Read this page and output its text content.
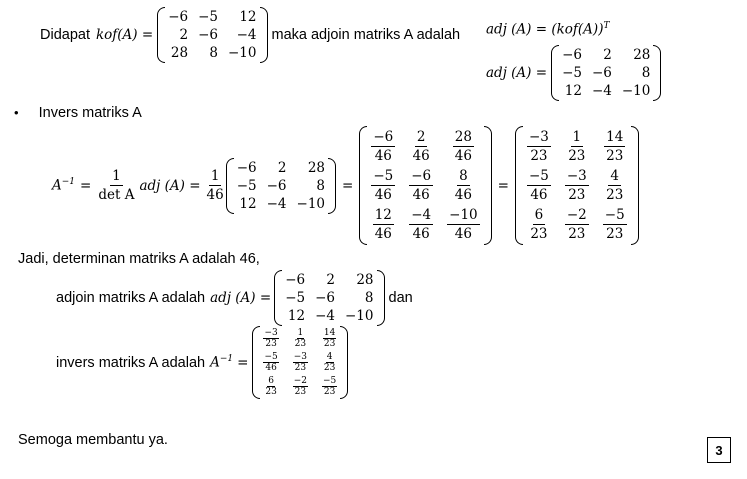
Didapat kof(A) =
−6 −5	12
2 −6	−4
28	8 −10
maka adjoin matriks A adalah adj $(A) = (kof(A))^T$
adj (A) =
−6	2	28
−5 −6	8
12 −4 −10
• Invers matriks A
$A^{-1} = \frac{1}{\text{det A}}$ adj $(A) = \frac{1}{46}$
−6	2	28
−5 −6	8
12 −4 −10
=
$\frac{-6}{46} \frac{2}{46} \frac{28}{46}$
$\frac{-5}{46} \frac{-6}{46} \frac{8}{46}$
$\frac{12}{46} \frac{-4}{46} \frac{-10}{46}$
=
$\frac{-3}{23} \frac{1}{23} \frac{14}{23}$
$\frac{-5}{46} \frac{-3}{23} \frac{4}{23}$
$\frac{6}{23} \frac{-2}{23} \frac{-5}{23}$
Jadi, determinan matriks A adalah 46,
adjoin matriks A adalah adj (A) =
−6	2	28
−5 −6	8
12 −4 −10
dan
invers matriks A adalah $A^{-1}$ =
$\frac{-3}{23} \frac{1}{23} \frac{14}{23}$
$\frac{-5}{46} \frac{-3}{23} \frac{4}{23}$
$\frac{6}{23} \frac{-2}{23} \frac{-5}{23}$
Semoga membantu ya.
3
